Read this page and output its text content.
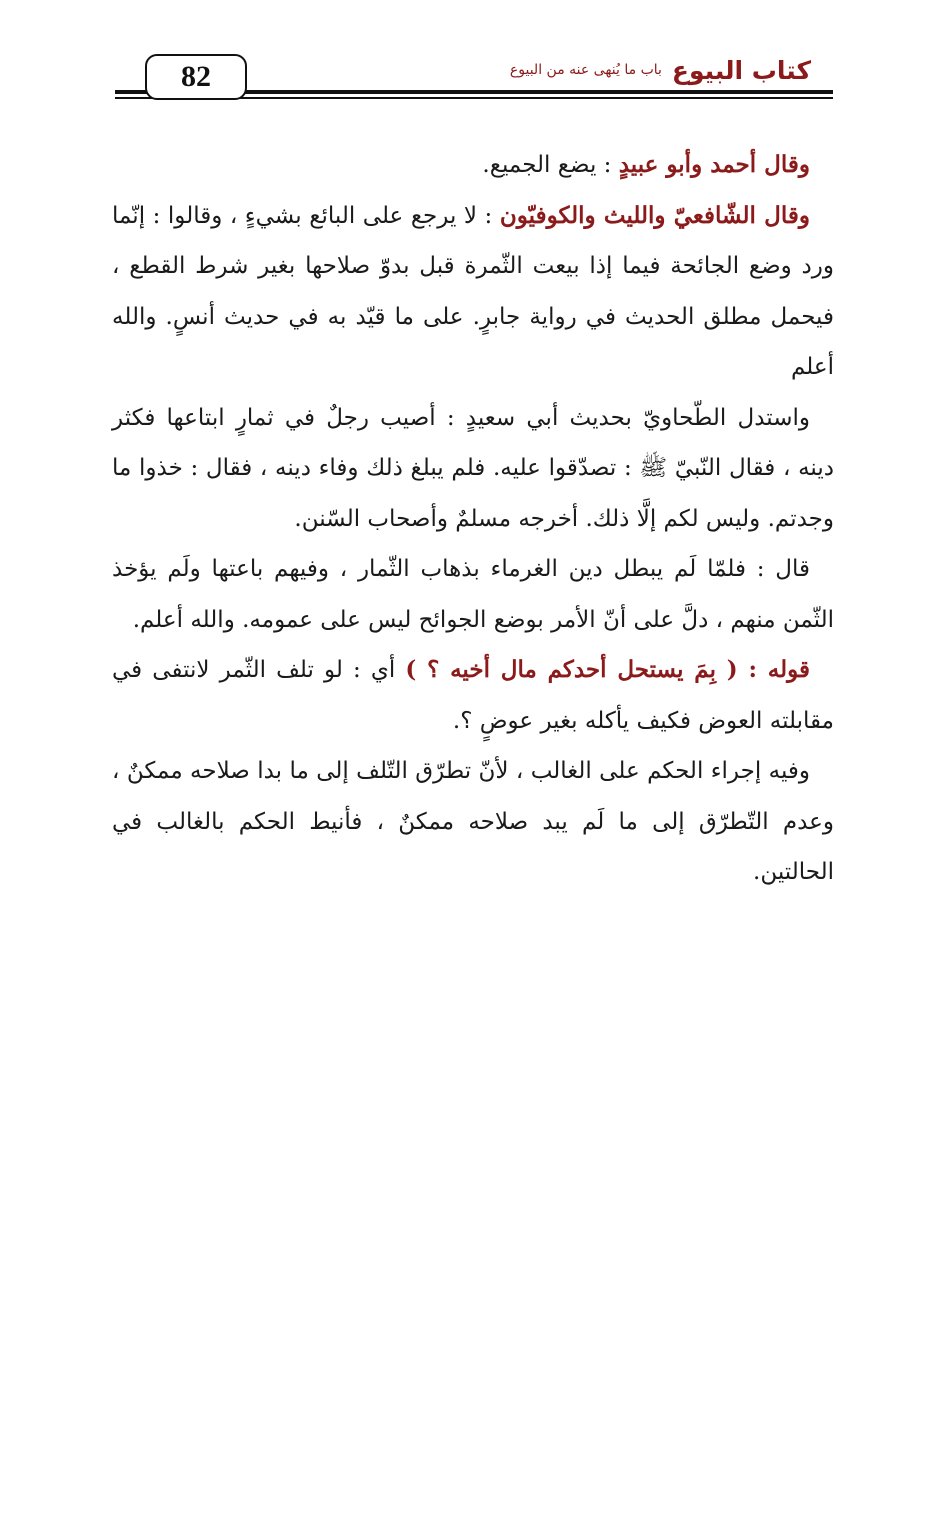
82	كتاب البيوع
باب ما يُنهى عنه من البيوع

وقال أحمد وأبو عبيدٍ : يضع الجميع.

وقال الشّافعيّ والليث والكوفيّون : لا يرجع على البائع بشيءٍ ، وقالوا : إنّما ورد وضع الجائحة فيما إذا بيعت الثّمرة قبل بدوّ صلاحها بغير شرط القطع ، فيحمل مطلق الحديث في رواية جابرٍ. على ما قيّد به في حديث أنسٍ. والله أعلم

واستدل الطّحاويّ بحديث أبي سعيدٍ : أصيب رجلٌ في ثمارٍ ابتاعها فكثر دينه ، فقال النّبيّ ﷺ : تصدّقوا عليه. فلم يبلغ ذلك وفاء دينه ، فقال : خذوا ما وجدتم. وليس لكم إلَّا ذلك. أخرجه مسلمٌ وأصحاب السّنن.

قال : فلمّا لَم يبطل دين الغرماء بذهاب الثّمار ، وفيهم باعتها ولَم يؤخذ الثّمن منهم ، دلَّ على أنّ الأمر بوضع الجوائح ليس على عمومه. والله أعلم.

قوله : ( بِمَ يستحل أحدكم مال أخيه ؟ ) أي : لو تلف الثّمر لانتفى في مقابلته العوض فكيف يأكله بغير عوضٍ ؟.

وفيه إجراء الحكم على الغالب ، لأنّ تطرّق التّلف إلى ما بدا صلاحه ممكنٌ ، وعدم التّطرّق إلى ما لَم يبد صلاحه ممكنٌ ، فأنيط الحكم بالغالب في الحالتين.
